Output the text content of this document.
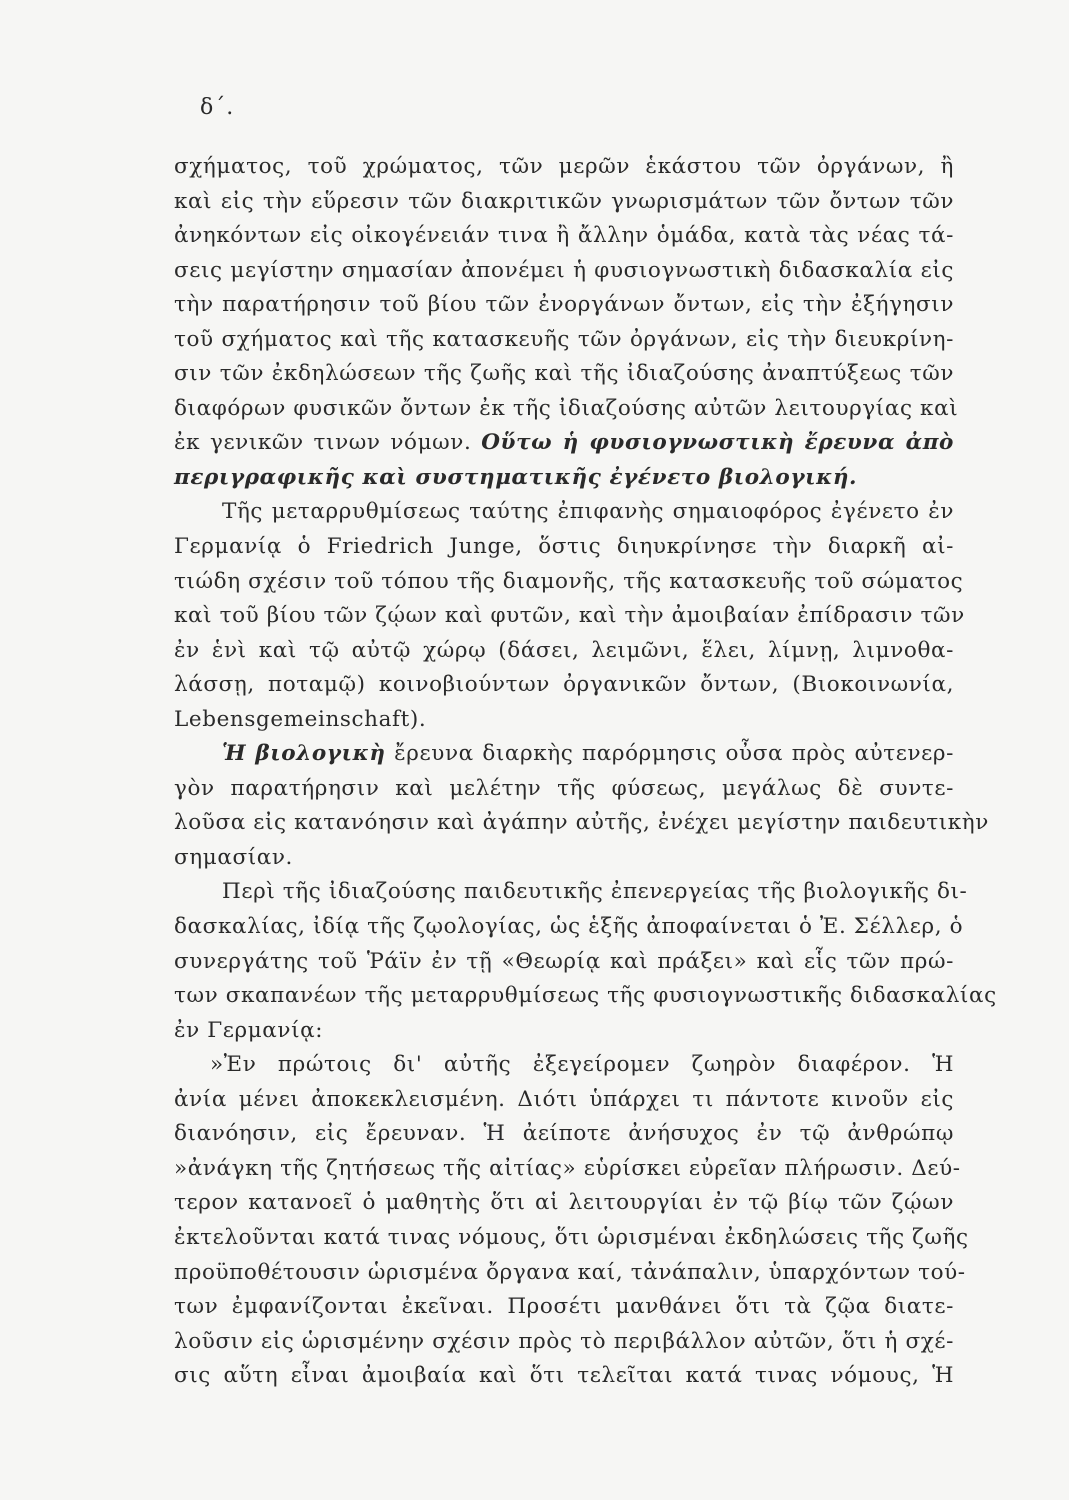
δ΄.
σχήματος, τοῦ χρώματος, τῶν μερῶν ἑκάστου τῶν ὀργάνων, ἢ
καὶ εἰς τὴν εὕρεσιν τῶν διακριτικῶν γνωρισμάτων τῶν ὄντων τῶν
ἀνηκόντων εἰς οἰκογένειάν τινα ἢ ἄλλην ὁμάδα, κατὰ τὰς νέας τά-
σεις μεγίστην σημασίαν ἀπονέμει ἡ φυσιογνωστικὴ διδασκαλία εἰς
τὴν παρατήρησιν τοῦ βίου τῶν ἐνοργάνων ὄντων, εἰς τὴν ἐξήγησιν
τοῦ σχήματος καὶ τῆς κατασκευῆς τῶν ὀργάνων, εἰς τὴν διευκρίνη-
σιν τῶν ἐκδηλώσεων τῆς ζωῆς καὶ τῆς ἰδιαζούσης ἀναπτύξεως τῶν
διαφόρων φυσικῶν ὄντων ἐκ τῆς ἰδιαζούσης αὐτῶν λειτουργίας καὶ
ἐκ γενικῶν τινων νόμων. Οὕτω ἡ φυσιογνωστικὴ ἔρευνα ἀπὸ
περιγραφικῆς καὶ συστηματικῆς ἐγένετο βιολογική.
Τῆς μεταρρυθμίσεως ταύτης ἐπιφανὴς σημαιοφόρος ἐγένετο ἐν
Γερμανίᾳ ὁ Friedrich Junge, ὅστις διηυκρίνησε τὴν διαρκῆ αἰ-
τιώδη σχέσιν τοῦ τόπου τῆς διαμονῆς, τῆς κατασκευῆς τοῦ σώματος
καὶ τοῦ βίου τῶν ζῴων καὶ φυτῶν, καὶ τὴν ἀμοιβαίαν ἐπίδρασιν τῶν
ἐν ἑνὶ καὶ τῷ αὐτῷ χώρῳ (δάσει, λειμῶνι, ἕλει, λίμνῃ, λιμνοθα-
λάσσῃ, ποταμῷ) κοινοβιούντων ὀργανικῶν ὄντων, (Βιοκοινωνία,
Lebensgemeinschaft).
Ἡ βιολογικὴ ἔρευνα διαρκὴς παρόρμησις οὖσα πρὸς αὐτενερ-
γὸν παρατήρησιν καὶ μελέτην τῆς φύσεως, μεγάλως δὲ συντε-
λοῦσα εἰς κατανόησιν καὶ ἀγάπην αὐτῆς, ἐνέχει μεγίστην παιδευτικὴν
σημασίαν.
Περὶ τῆς ἰδιαζούσης παιδευτικῆς ἐπενεργείας τῆς βιολογικῆς δι-
δασκαλίας, ἰδίᾳ τῆς ζῳολογίας, ὡς ἑξῆς ἀποφαίνεται ὁ Ἐ. Σέλλερ, ὁ
συνεργάτης τοῦ Ῥάϊν ἐν τῇ «Θεωρίᾳ καὶ πράξει» καὶ εἷς τῶν πρώ-
των σκαπανέων τῆς μεταρρυθμίσεως τῆς φυσιογνωστικῆς διδασκαλίας
ἐν Γερμανίᾳ:
»Ἐν πρώτοις δι' αὐτῆς ἐξεγείρομεν ζωηρὸν διαφέρον. Ἡ
ἀνία μένει ἀποκεκλεισμένη. Διότι ὑπάρχει τι πάντοτε κινοῦν εἰς
διανόησιν, εἰς ἔρευναν. Ἡ ἀείποτε ἀνήσυχος ἐν τῷ ἀνθρώπῳ
»ἀνάγκη τῆς ζητήσεως τῆς αἰτίας» εὑρίσκει εὐρεῖαν πλήρωσιν. Δεύ-
τερον κατανοεῖ ὁ μαθητὴς ὅτι αἱ λειτουργίαι ἐν τῷ βίῳ τῶν ζῴων
ἐκτελοῦνται κατά τινας νόμους, ὅτι ὡρισμέναι ἐκδηλώσεις τῆς ζωῆς
προϋποθέτουσιν ὡρισμένα ὄργανα καί, τἀνάπαλιν, ὑπαρχόντων τού-
των ἐμφανίζονται ἐκεῖναι. Προσέτι μανθάνει ὅτι τὰ ζῷα διατε-
λοῦσιν εἰς ὡρισμένην σχέσιν πρὸς τὸ περιβάλλον αὐτῶν, ὅτι ἡ σχέ-
σις αὕτη εἶναι ἀμοιβαία καὶ ὅτι τελεῖται κατά τινας νόμους, Ἡ
